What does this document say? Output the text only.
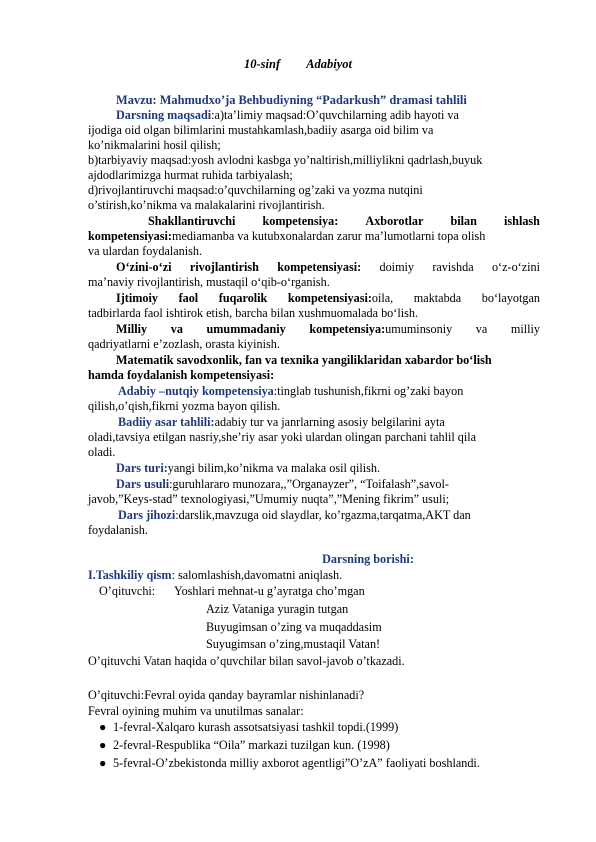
10-sinf Adabiyot
Mavzu: Mahmudxo’ja Behbudiyning “Padarkush” dramasi tahlili
Darsning maqsadi:a)ta’limiy maqsad:O’quvchilarning adib hayoti va
ijodiga oid olgan bilimlarini mustahkamlash,badiiy asarga oid bilim va
ko’nikmalarini hosil qilish;
b)tarbiyaviy maqsad:yosh avlodni kasbga yo’naltirish,milliylikni qadrlash,buyuk
ajdodlarimizga hurmat ruhida tarbiyalash;
d)rivojlantiruvchi maqsad:o’quvchilarning og’zaki va yozma nutqini
o’stirish,ko’nikma va malakalarini rivojlantirish.
Shakllantiruvchi kompetensiya: Axborotlar bilan ishlash
kompetensiyasi:mediamanba va kutubxonalardan zarur ma’lumotlarni topa olish
va ulardan foydalanish.
O‘zini-o‘zi rivojlantirish kompetensiyasi: doimiy ravishda o‘z-o‘zini
ma’naviy rivojlantirish, mustaqil o‘qib-o‘rganish.
Ijtimoiy faol fuqarolik kompetensiyasi:oila, maktabda bo‘layotgan
tadbirlarda faol ishtirok etish, barcha bilan xushmuomalada bo‘lish.
Milliy va umummadaniy kompetensiya:umuminsoniy va milliy
qadriyatlarni e’zozlash, orasta kiyinish.
Matematik savodxonlik, fan va texnika yangiliklaridan xabardor bo‘lish
hamda foydalanish kompetensiyasi:
Adabiy –nutqiy kompetensiya:tinglab tushunish,fikrni og’zaki bayon
qilish,o’qish,fikrni yozma bayon qilish.
Badiiy asar tahlili:adabiy tur va janrlarning asosiy belgilarini ayta
oladi,tavsiya etilgan nasriy,she’riy asar yoki ulardan olingan parchani tahlil qila
oladi.
Dars turi:yangi bilim,ko’nikma va malaka osil qilish.
Dars usuli:guruhlararo munozara,,”Organayzer”, “Toifalash”,savol-
javob,”Keys-stad” texnologiyasi,”Umumiy nuqta”,”Mening fikrim” usuli;
Dars jihozi:darslik,mavzuga oid slaydlar, ko’rgazma,tarqatma,AKT dan
foydalanish.
Darsning borishi:
I.Tashkiliy qism: salomlashish,davomatni aniqlash.
O’qituvchi:	Yoshlari mehnat-u g’ayratga cho’mgan
Aziz Vataniga yuragin tutgan
Buyugimsan o’zing va muqaddasim
Suyugimsan o’zing,mustaqil Vatan!
O’qituvchi Vatan haqida o’quvchilar bilan savol-javob o’tkazadi.
O’qituvchi:Fevral oyida qanday bayramlar nishinlanadi?
Fevral oyining muhim va unutilmas sanalar:
● 1-fevral-Xalqaro kurash assotsatsiyasi tashkil topdi.(1999)
● 2-fevral-Respublika “Oila” markazi tuzilgan kun. (1998)
● 5-fevral-O’zbekistonda milliy axborot agentligi”O’zA” faoliyati boshlandi.
